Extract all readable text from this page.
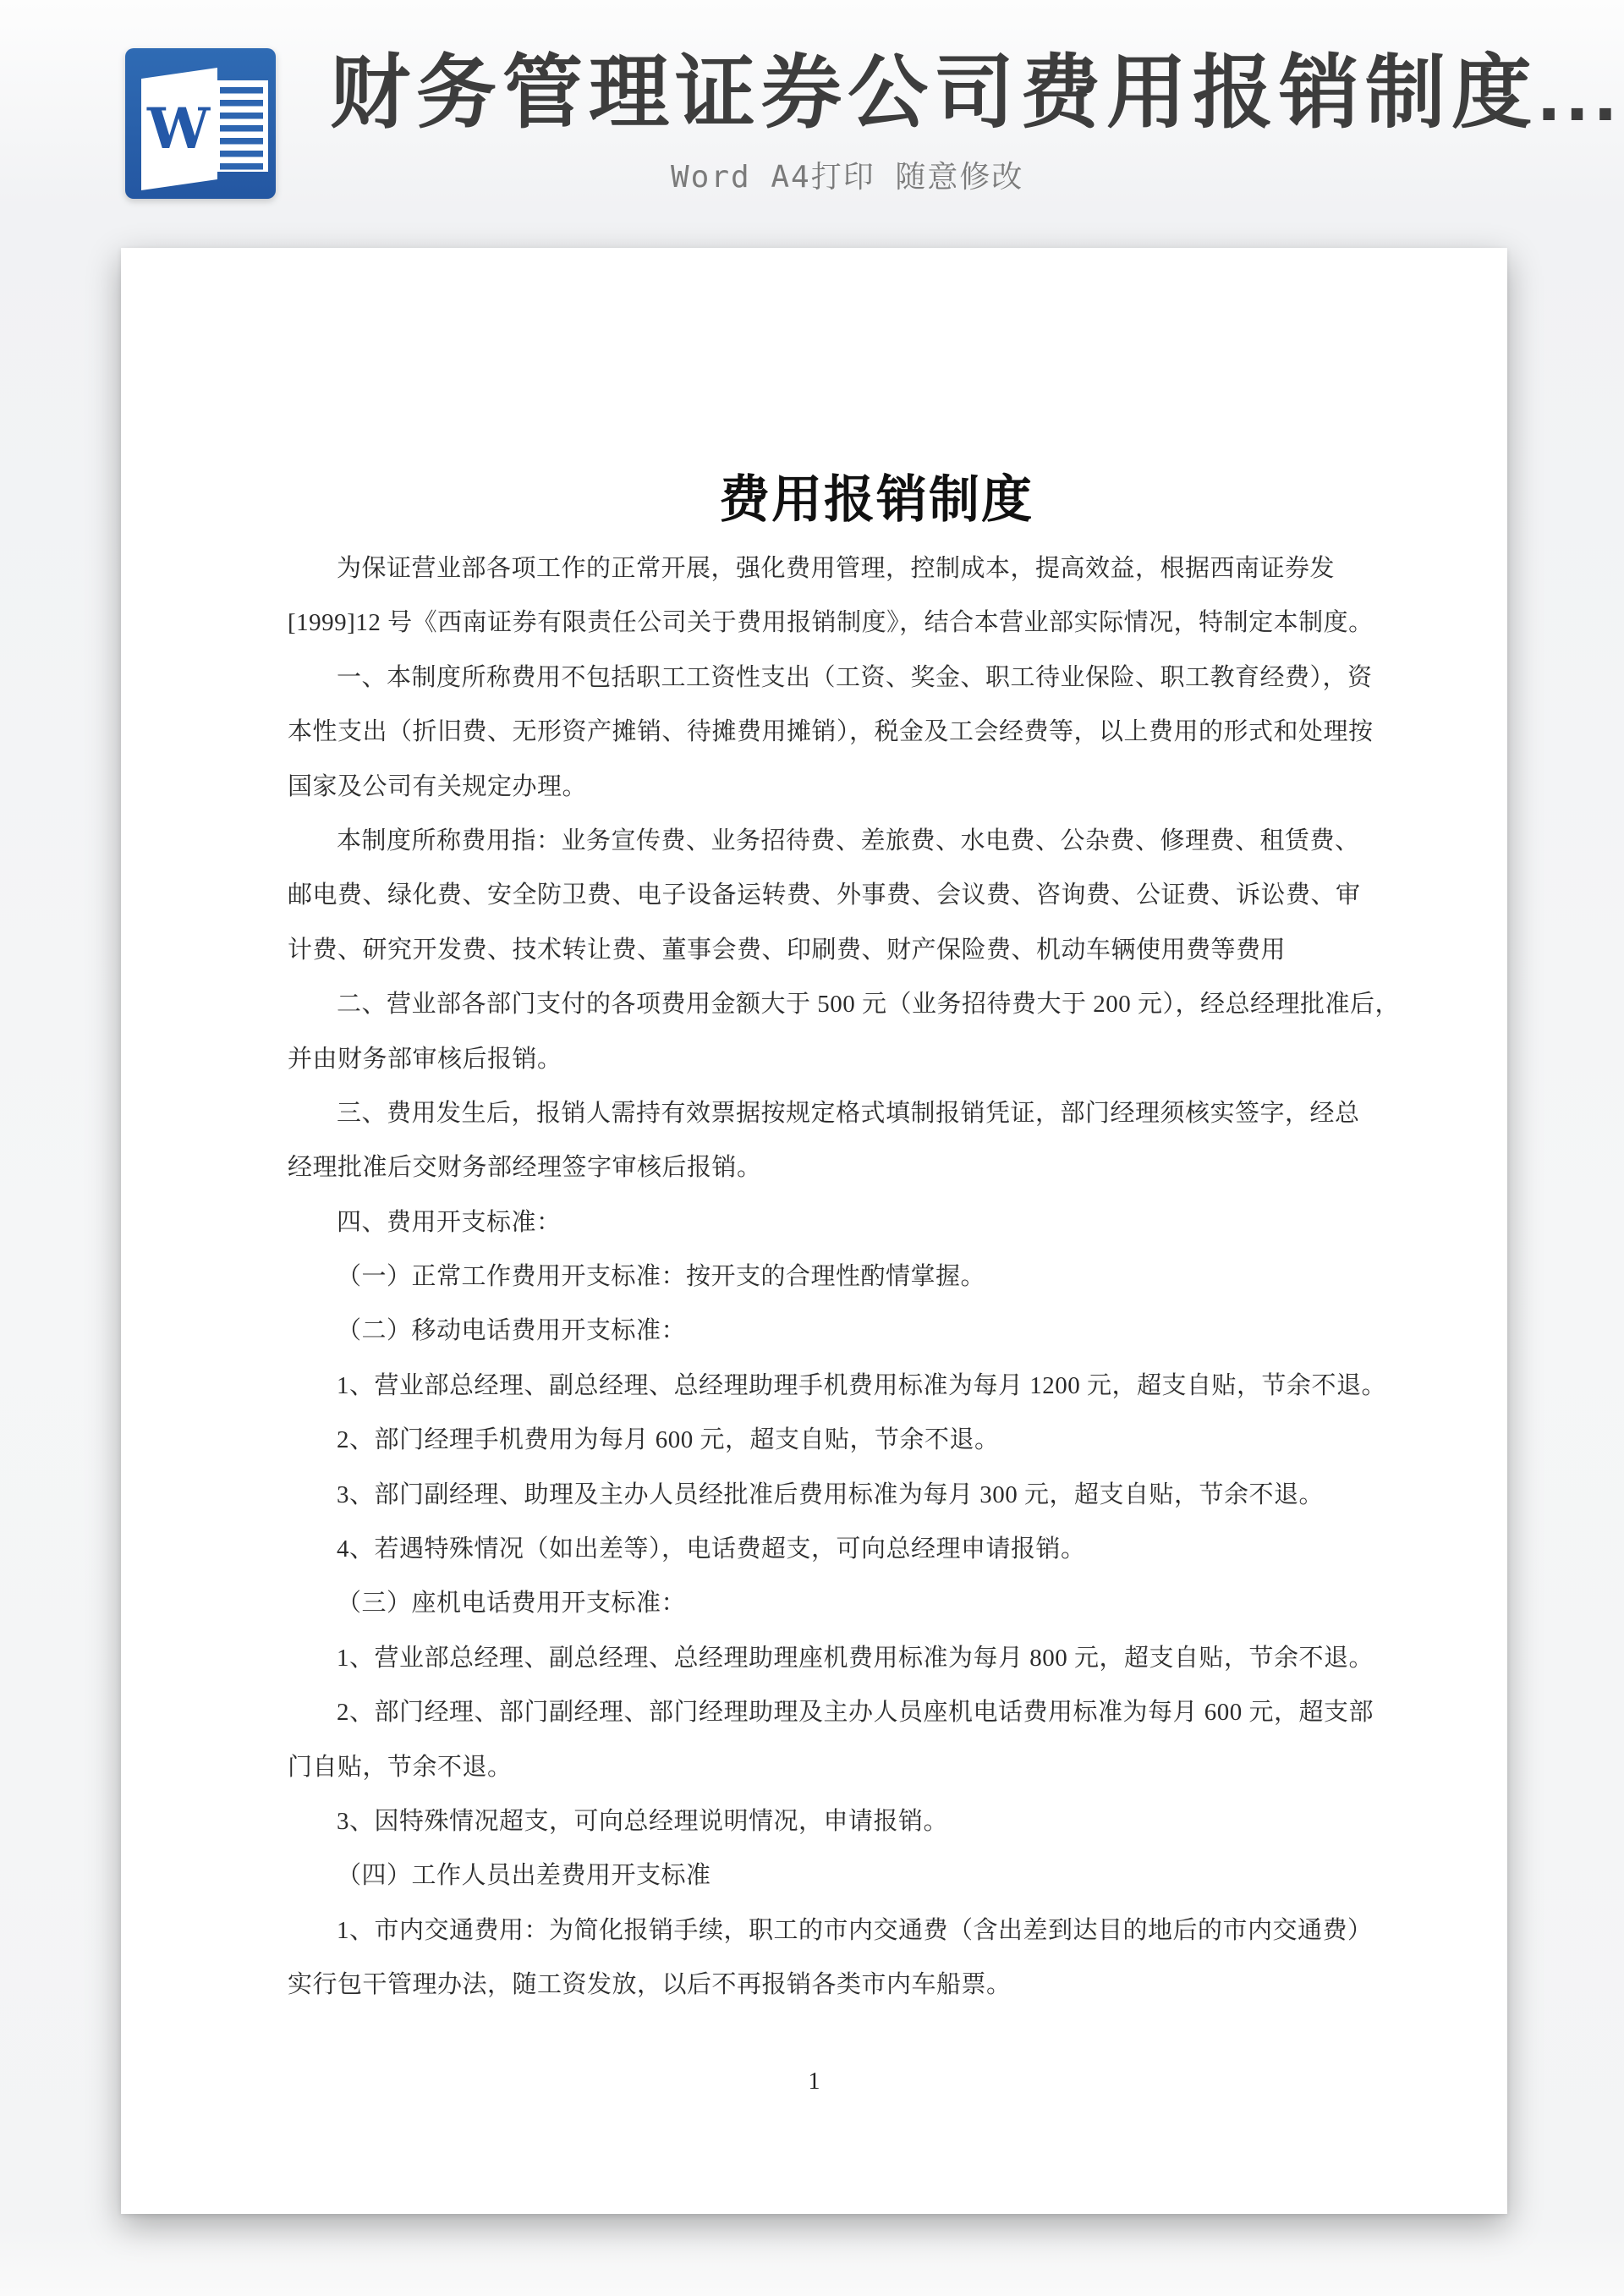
W 财务管理证券公司费用报销制度...
Word A4打印 随意修改
费用报销制度
为保证营业部各项工作的正常开展，强化费用管理，控制成本，提高效益，根据西南证券发
[1999]12 号《西南证券有限责任公司关于费用报销制度》，结合本营业部实际情况，特制定本制度。
一、本制度所称费用不包括职工工资性支出（工资、奖金、职工待业保险、职工教育经费），资
本性支出（折旧费、无形资产摊销、待摊费用摊销），税金及工会经费等，以上费用的形式和处理按
国家及公司有关规定办理。
本制度所称费用指：业务宣传费、业务招待费、差旅费、水电费、公杂费、修理费、租赁费、
邮电费、绿化费、安全防卫费、电子设备运转费、外事费、会议费、咨询费、公证费、诉讼费、审
计费、研究开发费、技术转让费、董事会费、印刷费、财产保险费、机动车辆使用费等费用
二、营业部各部门支付的各项费用金额大于 500 元（业务招待费大于 200 元），经总经理批准后，
并由财务部审核后报销。
三、费用发生后，报销人需持有效票据按规定格式填制报销凭证，部门经理须核实签字，经总
经理批准后交财务部经理签字审核后报销。
四、费用开支标准：
（一）正常工作费用开支标准：按开支的合理性酌情掌握。
（二）移动电话费用开支标准：
1、营业部总经理、副总经理、总经理助理手机费用标准为每月 1200 元，超支自贴，节余不退。
2、部门经理手机费用为每月 600 元，超支自贴，节余不退。
3、部门副经理、助理及主办人员经批准后费用标准为每月 300 元，超支自贴，节余不退。
4、若遇特殊情况（如出差等），电话费超支，可向总经理申请报销。
（三）座机电话费用开支标准：
1、营业部总经理、副总经理、总经理助理座机费用标准为每月 800 元，超支自贴，节余不退。
2、部门经理、部门副经理、部门经理助理及主办人员座机电话费用标准为每月 600 元，超支部
门自贴，节余不退。
3、因特殊情况超支，可向总经理说明情况，申请报销。
（四）工作人员出差费用开支标准
1、市内交通费用：为简化报销手续，职工的市内交通费（含出差到达目的地后的市内交通费）
实行包干管理办法，随工资发放，以后不再报销各类市内车船票。
1
